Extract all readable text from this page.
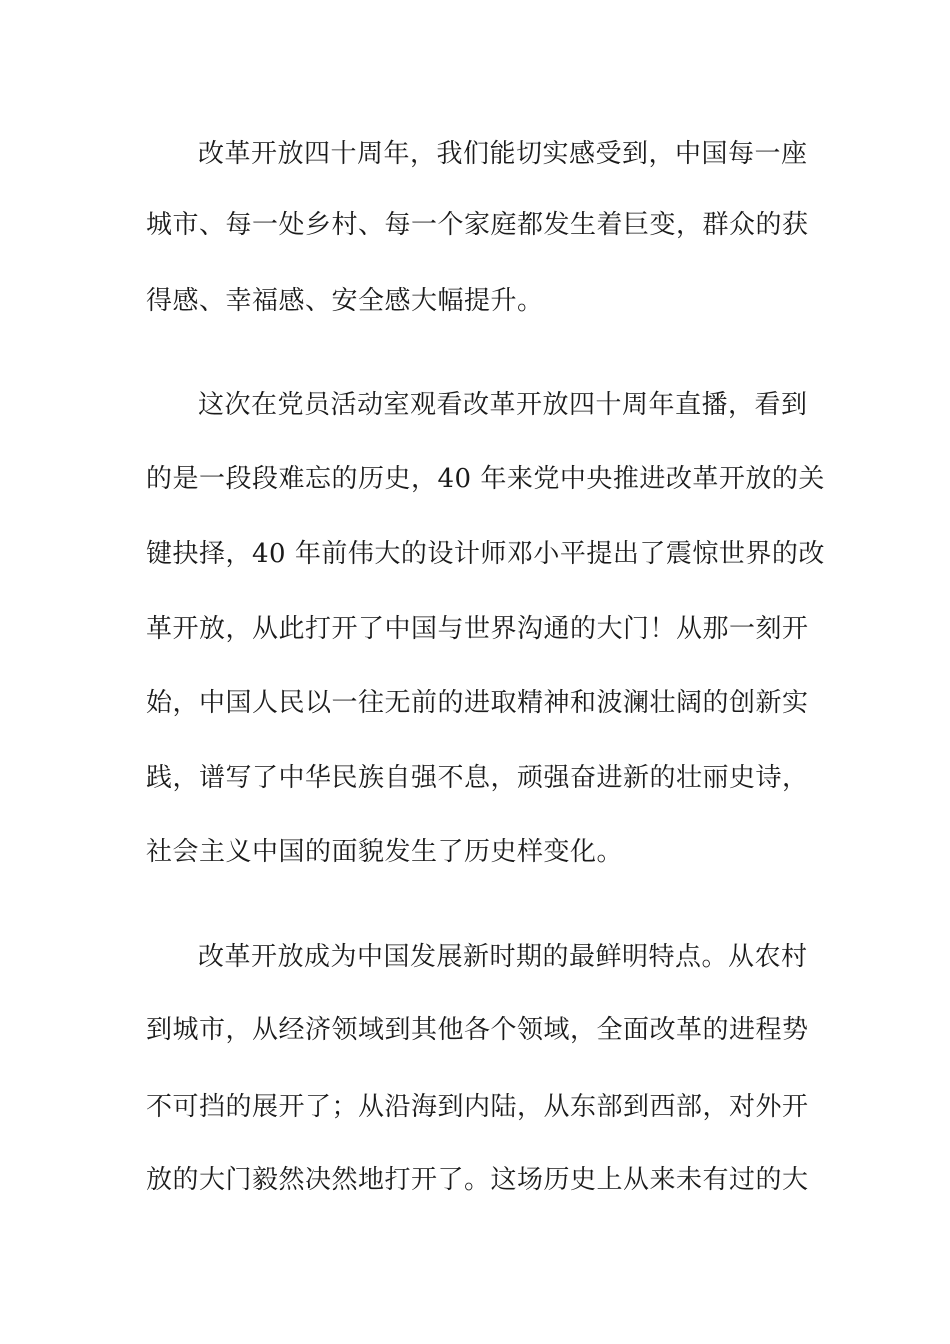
改革开放四十周年，我们能切实感受到，中国每一座
城市、每一处乡村、每一个家庭都发生着巨变，群众的获
得感、幸福感、安全感大幅提升。
这次在党员活动室观看改革开放四十周年直播，看到
的是一段段难忘的历史，40 年来党中央推进改革开放的关
键抉择，40 年前伟大的设计师邓小平提出了震惊世界的改
革开放，从此打开了中国与世界沟通的大门！从那一刻开
始，中国人民以一往无前的进取精神和波澜壮阔的创新实
践，谱写了中华民族自强不息，顽强奋进新的壮丽史诗，
社会主义中国的面貌发生了历史样变化。
改革开放成为中国发展新时期的最鲜明特点。从农村
到城市，从经济领域到其他各个领域，全面改革的进程势
不可挡的展开了；从沿海到内陆，从东部到西部，对外开
放的大门毅然决然地打开了。这场历史上从来未有过的大
